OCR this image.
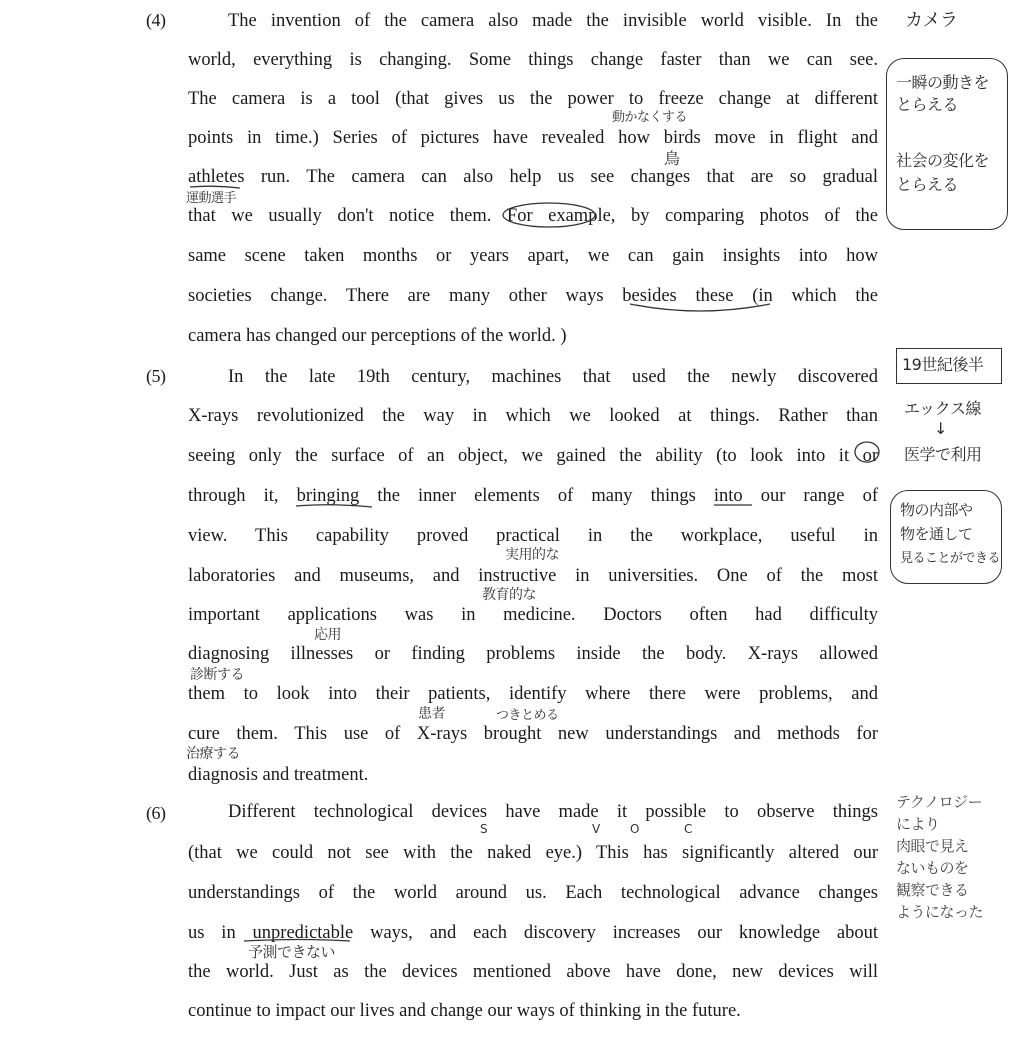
(4)	The invention of the camera also made the invisible world visible. In the
world, everything is changing. Some things change faster than we can see.
The camera is a tool (that gives us the power to freeze change at different
points in time.) Series of pictures have revealed how birds move in flight and
athletes run. The camera can also help us see changes that are so gradual
that we usually don't notice them. For example, by comparing photos of the
same scene taken months or years apart, we can gain insights into how
societies change. There are many other ways besides these (in which the
camera has changed our perceptions of the world. )
(5)	In the late 19th century, machines that used the newly discovered
X-rays revolutionized the way in which we looked at things. Rather than
seeing only the surface of an object, we gained the ability (to look into it or
through it, bringing the inner elements of many things into our range of
view. This capability proved practical in the workplace, useful in
laboratories and museums, and instructive in universities. One of the most
important applications was in medicine. Doctors often had difficulty
diagnosing illnesses or finding problems inside the body. X-rays allowed
them to look into their patients, identify where there were problems, and
cure them. This use of X-rays brought new understandings and methods for
diagnosis and treatment.
(6)	Different technological devices have made it possible to observe things
(that we could not see with the naked eye.) This has significantly altered our
understandings of the world around us. Each technological advance changes
us in unpredictable ways, and each discovery increases our knowledge about
the world. Just as the devices mentioned above have done, new devices will
continue to impact our lives and change our ways of thinking in the future.
動かなくする
鳥
運動選手
実用的な
教育的な
応用
診断する
患者	つきとめる
治療する
予測できない
S	V	O	C
カメラ
一瞬の動きを
とらえる
社会の変化を
とらえる
19世紀後半
エックス線
↓
医学で利用
物の内部や
物を通して
見ることができる
テクノロジー
により
肉眼で見え
ないものを
観察できる
ようになった
